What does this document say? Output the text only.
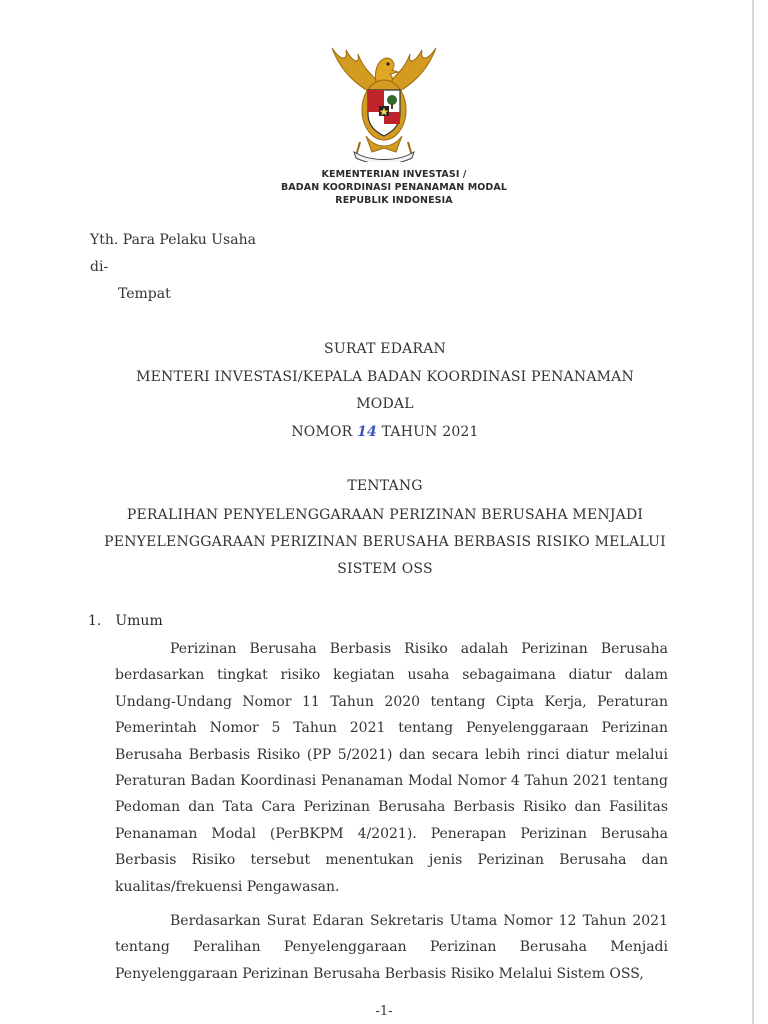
KEMENTERIAN INVESTASI /
BADAN KOORDINASI PENANAMAN MODAL
REPUBLIK INDONESIA
Yth. Para Pelaku Usaha
di-
Tempat
SURAT EDARAN
MENTERI INVESTASI/KEPALA BADAN KOORDINASI PENANAMAN
MODAL
NOMOR 14 TAHUN 2021
TENTANG
PERALIHAN PENYELENGGARAAN PERIZINAN BERUSAHA MENJADI
PENYELENGGARAAN PERIZINAN BERUSAHA BERBASIS RISIKO MELALUI
SISTEM OSS
1. Umum

Perizinan Berusaha Berbasis Risiko adalah Perizinan Berusaha berdasarkan tingkat risiko kegiatan usaha sebagaimana diatur dalam Undang-Undang Nomor 11 Tahun 2020 tentang Cipta Kerja, Peraturan Pemerintah Nomor 5 Tahun 2021 tentang Penyelenggaraan Perizinan Berusaha Berbasis Risiko (PP 5/2021) dan secara lebih rinci diatur melalui Peraturan Badan Koordinasi Penanaman Modal Nomor 4 Tahun 2021 tentang Pedoman dan Tata Cara Perizinan Berusaha Berbasis Risiko dan Fasilitas Penanaman Modal (PerBKPM 4/2021). Penerapan Perizinan Berusaha Berbasis Risiko tersebut menentukan jenis Perizinan Berusaha dan kualitas/frekuensi Pengawasan.

Berdasarkan Surat Edaran Sekretaris Utama Nomor 12 Tahun 2021 tentang Peralihan Penyelenggaraan Perizinan Berusaha Menjadi Penyelenggaraan Perizinan Berusaha Berbasis Risiko Melalui Sistem OSS,

-1-
